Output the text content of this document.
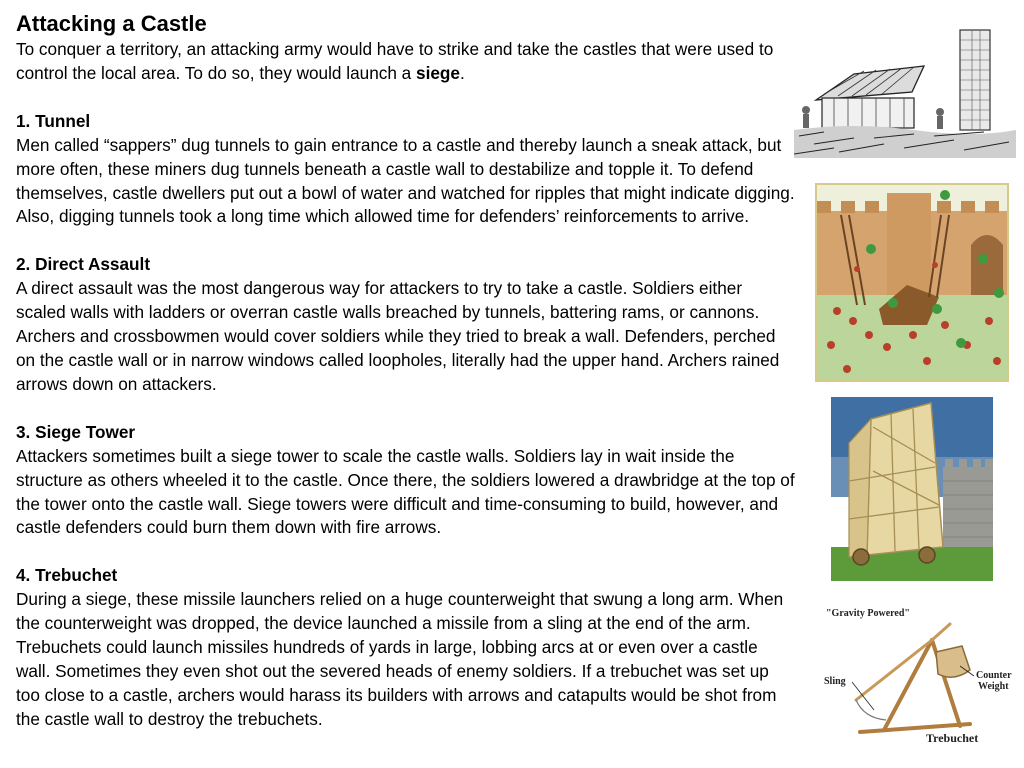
Attacking a Castle

To conquer a territory, an attacking army would have to strike and take the castles that were used to control the local area. To do so, they would launch a siege.

1. Tunnel

Men called “sappers” dug tunnels to gain entrance to a castle and thereby launch a sneak attack, but more often, these miners dug tunnels beneath a castle wall to destabilize and topple it. To defend themselves, castle dwellers put out a bowl of water and watched for ripples that might indicate digging. Also, digging tunnels took a long time which allowed time for defenders’ reinforcements to arrive.

2. Direct Assault

A direct assault was the most dangerous way for attackers to try to take a castle. Soldiers either scaled walls with ladders or overran castle walls breached by tunnels, battering rams, or cannons. Archers and crossbowmen would cover soldiers while they tried to break a wall. Defenders, perched on the castle wall or in narrow windows called loopholes, literally had the upper hand. Archers rained arrows down on attackers.

3. Siege Tower

Attackers sometimes built a siege tower to scale the castle walls. Soldiers lay in wait inside the structure as others wheeled it to the castle. Once there, the soldiers lowered a drawbridge at the top of the tower onto the castle wall. Siege towers were difficult and time-consuming to build, however, and castle defenders could burn them down with fire arrows.

4. Trebuchet

During a siege, these missile launchers relied on a huge counterweight that swung a long arm. When the counterweight was dropped, the device launched a missile from a sling at the end of the arm. Trebuchets could launch missiles hundreds of yards in large, lobbing arcs at or even over a castle wall. Sometimes they even shot out the severed heads of enemy soldiers. If a trebuchet was set up too close to a castle, archers would harass its builders with arrows and catapults would be shot from the castle wall to destroy the trebuchets.

"Gravity Powered"
Sling
Counter
Weight
Trebuchet
